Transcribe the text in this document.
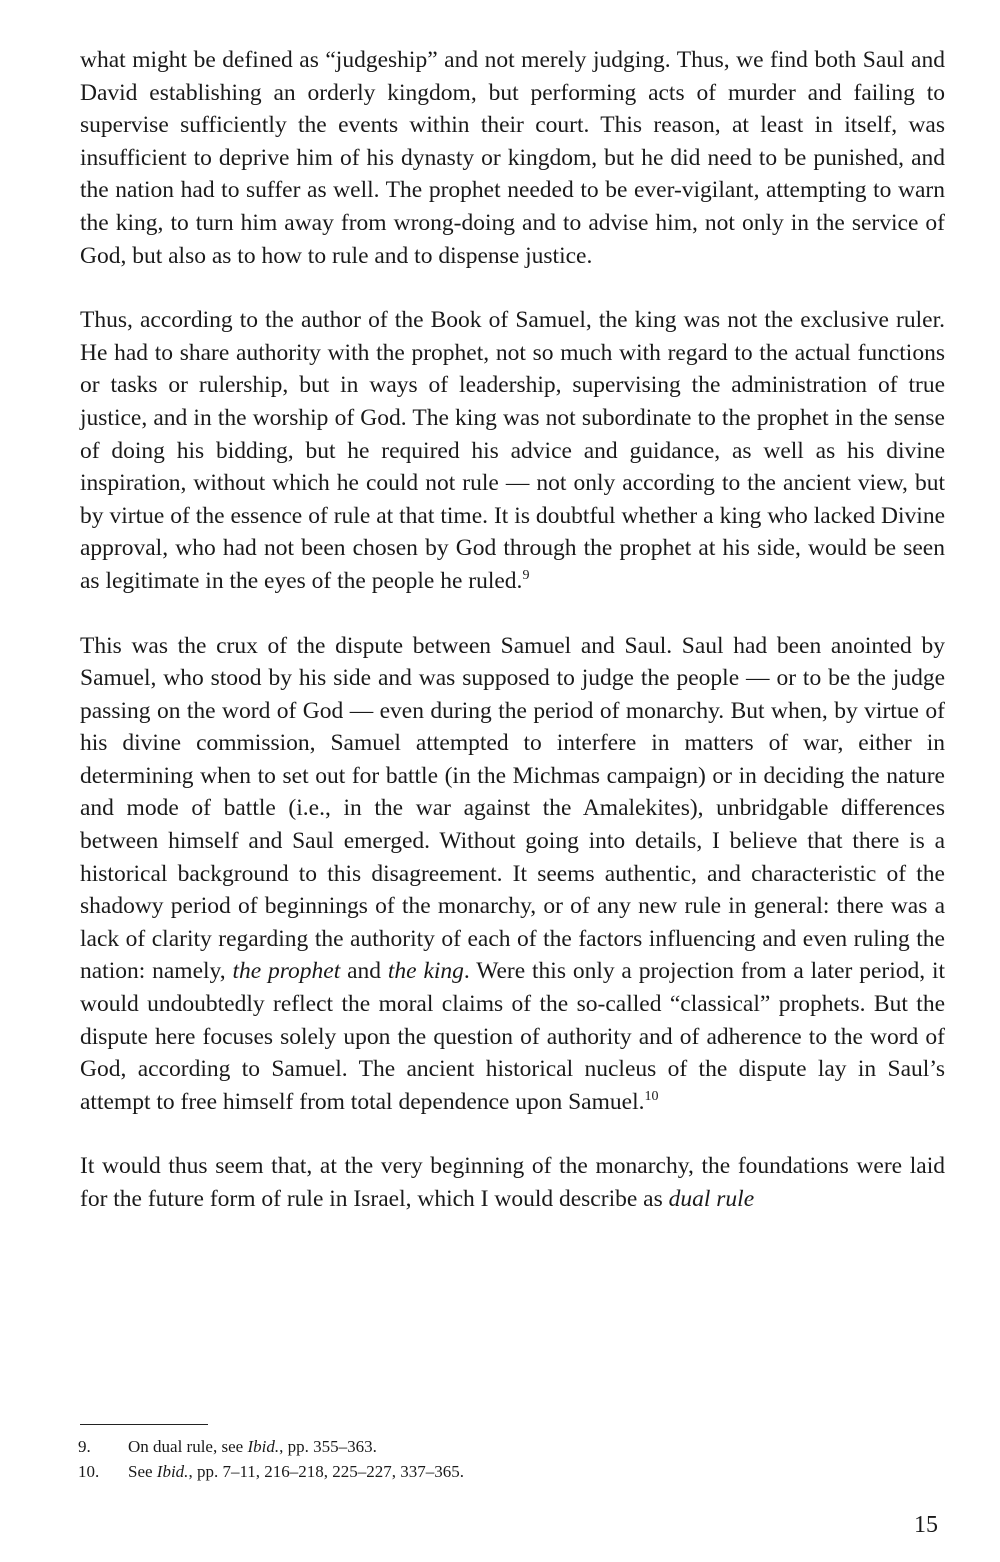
what might be defined as “judgeship” and not merely judging. Thus, we find both Saul and David establishing an orderly kingdom, but performing acts of murder and failing to supervise sufficiently the events within their court. This reason, at least in itself, was insufficient to deprive him of his dynasty or kingdom, but he did need to be punished, and the nation had to suffer as well. The prophet needed to be ever-vigilant, attempting to warn the king, to turn him away from wrong-doing and to advise him, not only in the service of God, but also as to how to rule and to dispense justice.

Thus, according to the author of the Book of Samuel, the king was not the exclusive ruler. He had to share authority with the prophet, not so much with regard to the actual functions or tasks or rulership, but in ways of leadership, supervising the administration of true justice, and in the worship of God. The king was not subordinate to the prophet in the sense of doing his bidding, but he required his advice and guidance, as well as his divine inspiration, without which he could not rule — not only according to the ancient view, but by virtue of the essence of rule at that time. It is doubtful whether a king who lacked Divine approval, who had not been chosen by God through the prophet at his side, would be seen as legitimate in the eyes of the people he ruled.$^9$

This was the crux of the dispute between Samuel and Saul. Saul had been anointed by Samuel, who stood by his side and was supposed to judge the people — or to be the judge passing on the word of God — even during the period of monarchy. But when, by virtue of his divine commission, Samuel attempted to interfere in matters of war, either in determining when to set out for battle (in the Michmas campaign) or in deciding the nature and mode of battle (i.e., in the war against the Amalekites), unbridgable differences between himself and Saul emerged. Without going into details, I believe that there is a historical background to this disagreement. It seems authentic, and characteristic of the shadowy period of beginnings of the monarchy, or of any new rule in general: there was a lack of clarity regarding the authority of each of the factors influencing and even ruling the nation: namely, the prophet and the king. Were this only a projection from a later period, it would undoubtedly reflect the moral claims of the so-called “classical” prophets. But the dispute here focuses solely upon the question of authority and of adherence to the word of God, according to Samuel. The ancient historical nucleus of the dispute lay in Saul’s attempt to free himself from total dependence upon Samuel.$^{10}$

It would thus seem that, at the very beginning of the monarchy, the foundations were laid for the future form of rule in Israel, which I would describe as dual rule

9.	On dual rule, see Ibid., pp. 355–363.
10.	See Ibid., pp. 7–11, 216–218, 225–227, 337–365.
15
